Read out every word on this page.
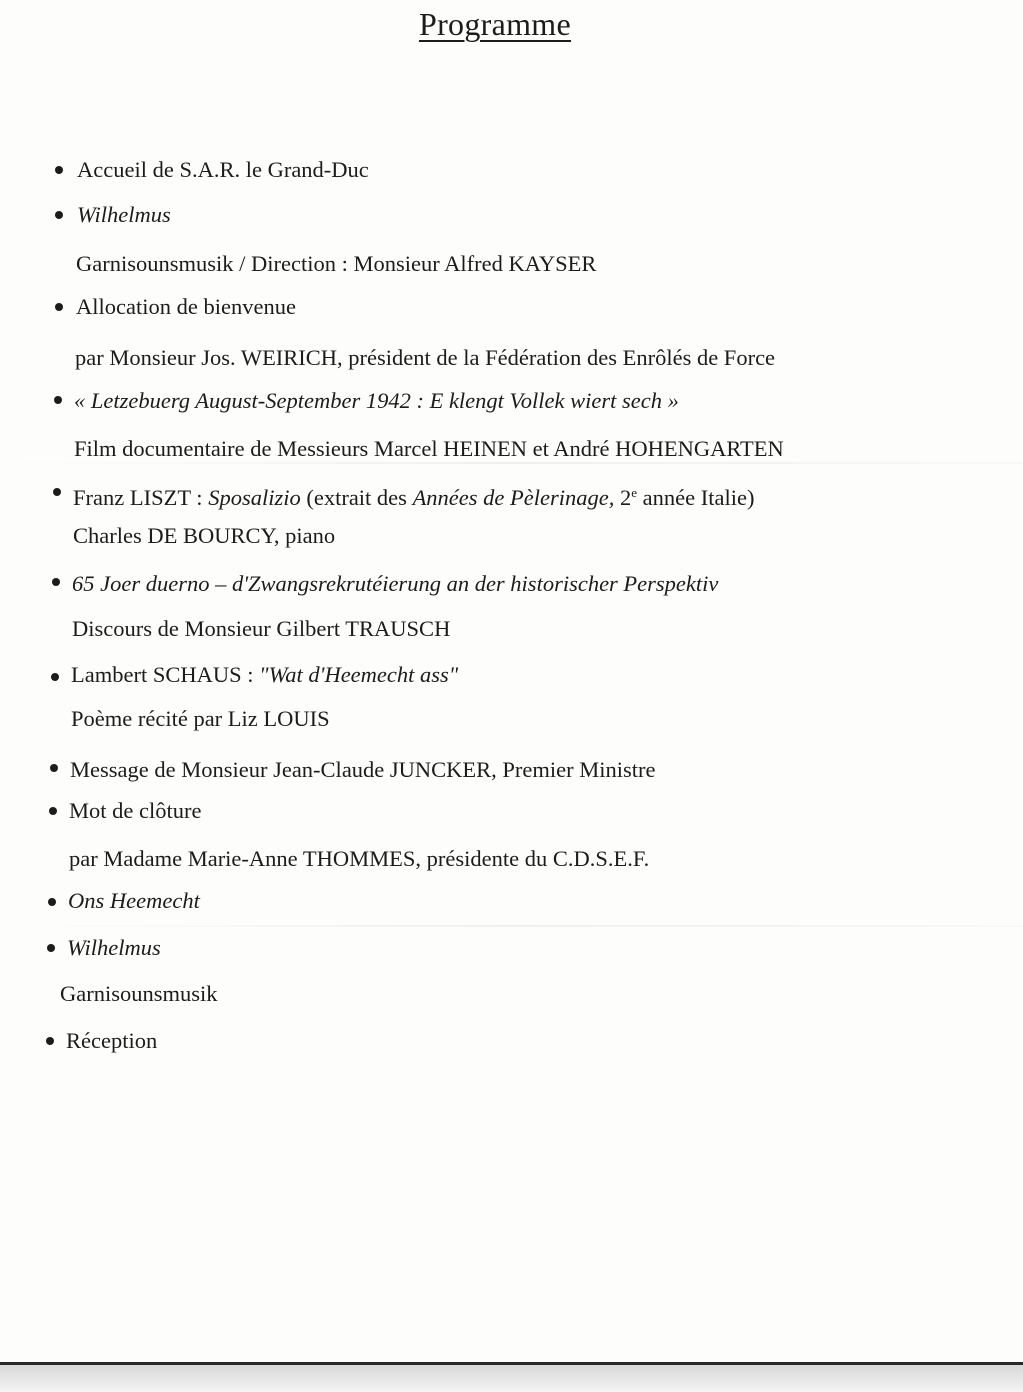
Programme
Accueil de S.A.R. le Grand-Duc
Wilhelmus
Garnisounsmusik / Direction : Monsieur Alfred KAYSER
Allocation de bienvenue
par Monsieur Jos. WEIRICH, président de la Fédération des Enrôlés de Force
« Letzebuerg August-September 1942 : E klengt Vollek wiert sech »
Film documentaire de Messieurs Marcel HEINEN et André HOHENGARTEN
Franz LISZT : Sposalizio (extrait des Années de Pèlerinage, 2e année Italie)
Charles DE BOURCY, piano
65 Joer duerno – d'Zwangsrekrutéierung an der historischer Perspektiv
Discours de Monsieur Gilbert TRAUSCH
Lambert SCHAUS : "Wat d'Heemecht ass"
Poème récité par Liz LOUIS
Message de Monsieur Jean-Claude JUNCKER, Premier Ministre
Mot de clôture
par Madame Marie-Anne THOMMES, présidente du C.D.S.E.F.
Ons Heemecht
Wilhelmus
Garnisounsmusik
Réception
